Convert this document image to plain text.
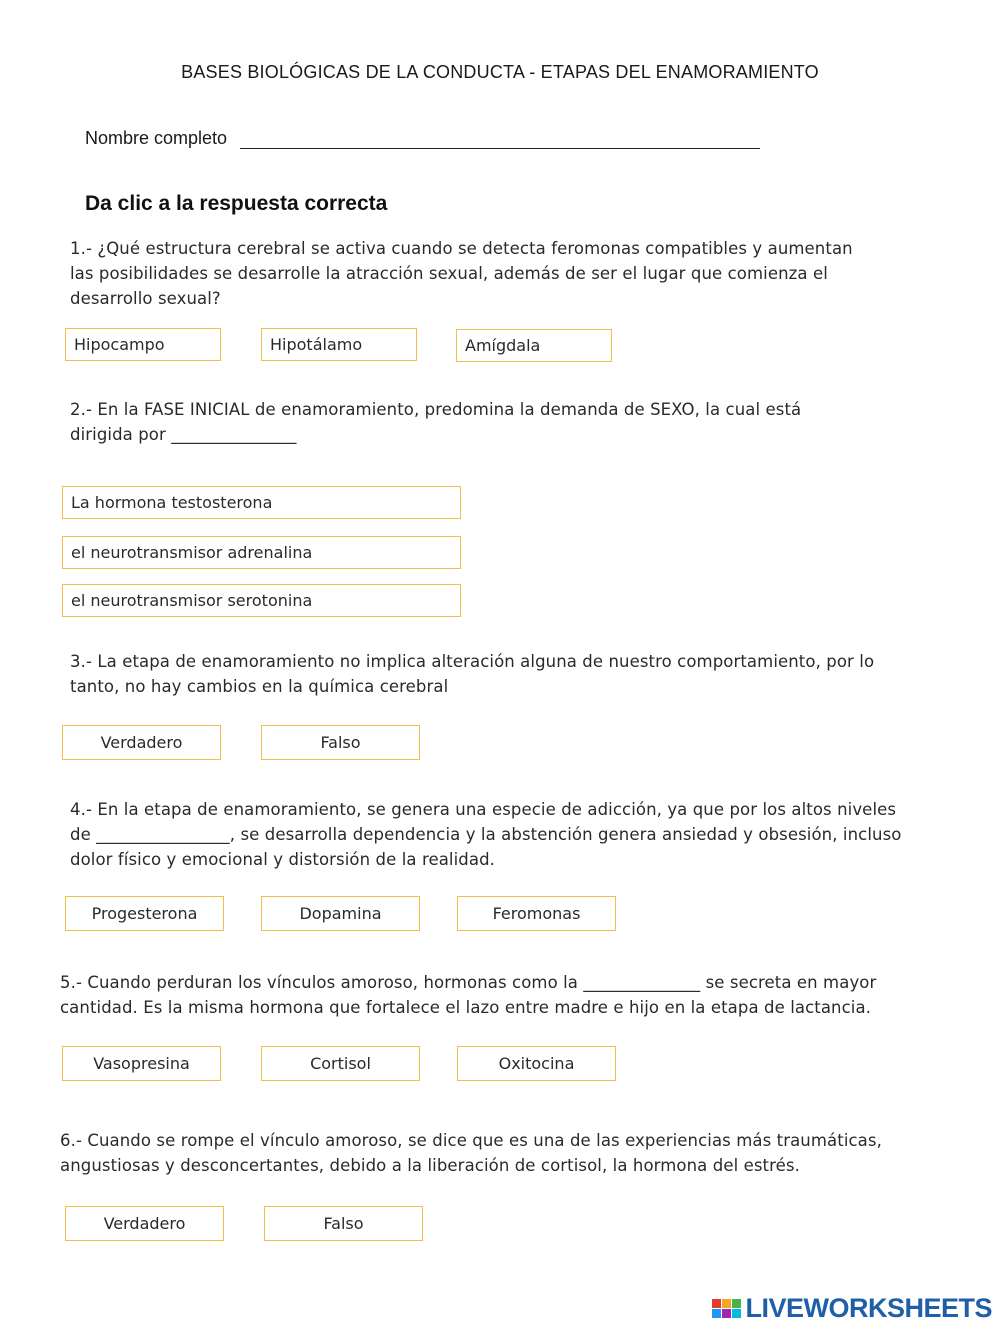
BASES BIOLÓGICAS DE LA CONDUCTA - ETAPAS DEL ENAMORAMIENTO
Nombre completo
Da clic a la respuesta correcta
1.- ¿Qué estructura cerebral se activa cuando se detecta feromonas compatibles y aumentan
las posibilidades se desarrolle la atracción sexual, además de ser el lugar que comienza el
desarrollo sexual?
Hipocampo	Hipotálamo	Amígdala
2.- En la FASE INICIAL de enamoramiento, predomina la demanda de SEXO, la cual está
dirigida por _______________
La hormona testosterona
el neurotransmisor adrenalina
el neurotransmisor serotonina
3.- La etapa de enamoramiento no implica alteración alguna de nuestro comportamiento, por lo
tanto, no hay cambios en la química cerebral
Verdadero	Falso
4.- En la etapa de enamoramiento, se genera una especie de adicción, ya que por los altos niveles
de ________________, se desarrolla dependencia y la abstención genera ansiedad y obsesión, incluso
dolor físico y emocional y distorsión de la realidad.
Progesterona	Dopamina	Feromonas
5.- Cuando perduran los vínculos amoroso, hormonas como la ______________ se secreta en mayor
cantidad. Es la misma hormona que fortalece el lazo entre madre e hijo en la etapa de lactancia.
Vasopresina	Cortisol	Oxitocina
6.- Cuando se rompe el vínculo amoroso, se dice que es una de las experiencias más traumáticas,
angustiosas y desconcertantes, debido a la liberación de cortisol, la hormona del estrés.
Verdadero	Falso
LIVEWORKSHEETS
